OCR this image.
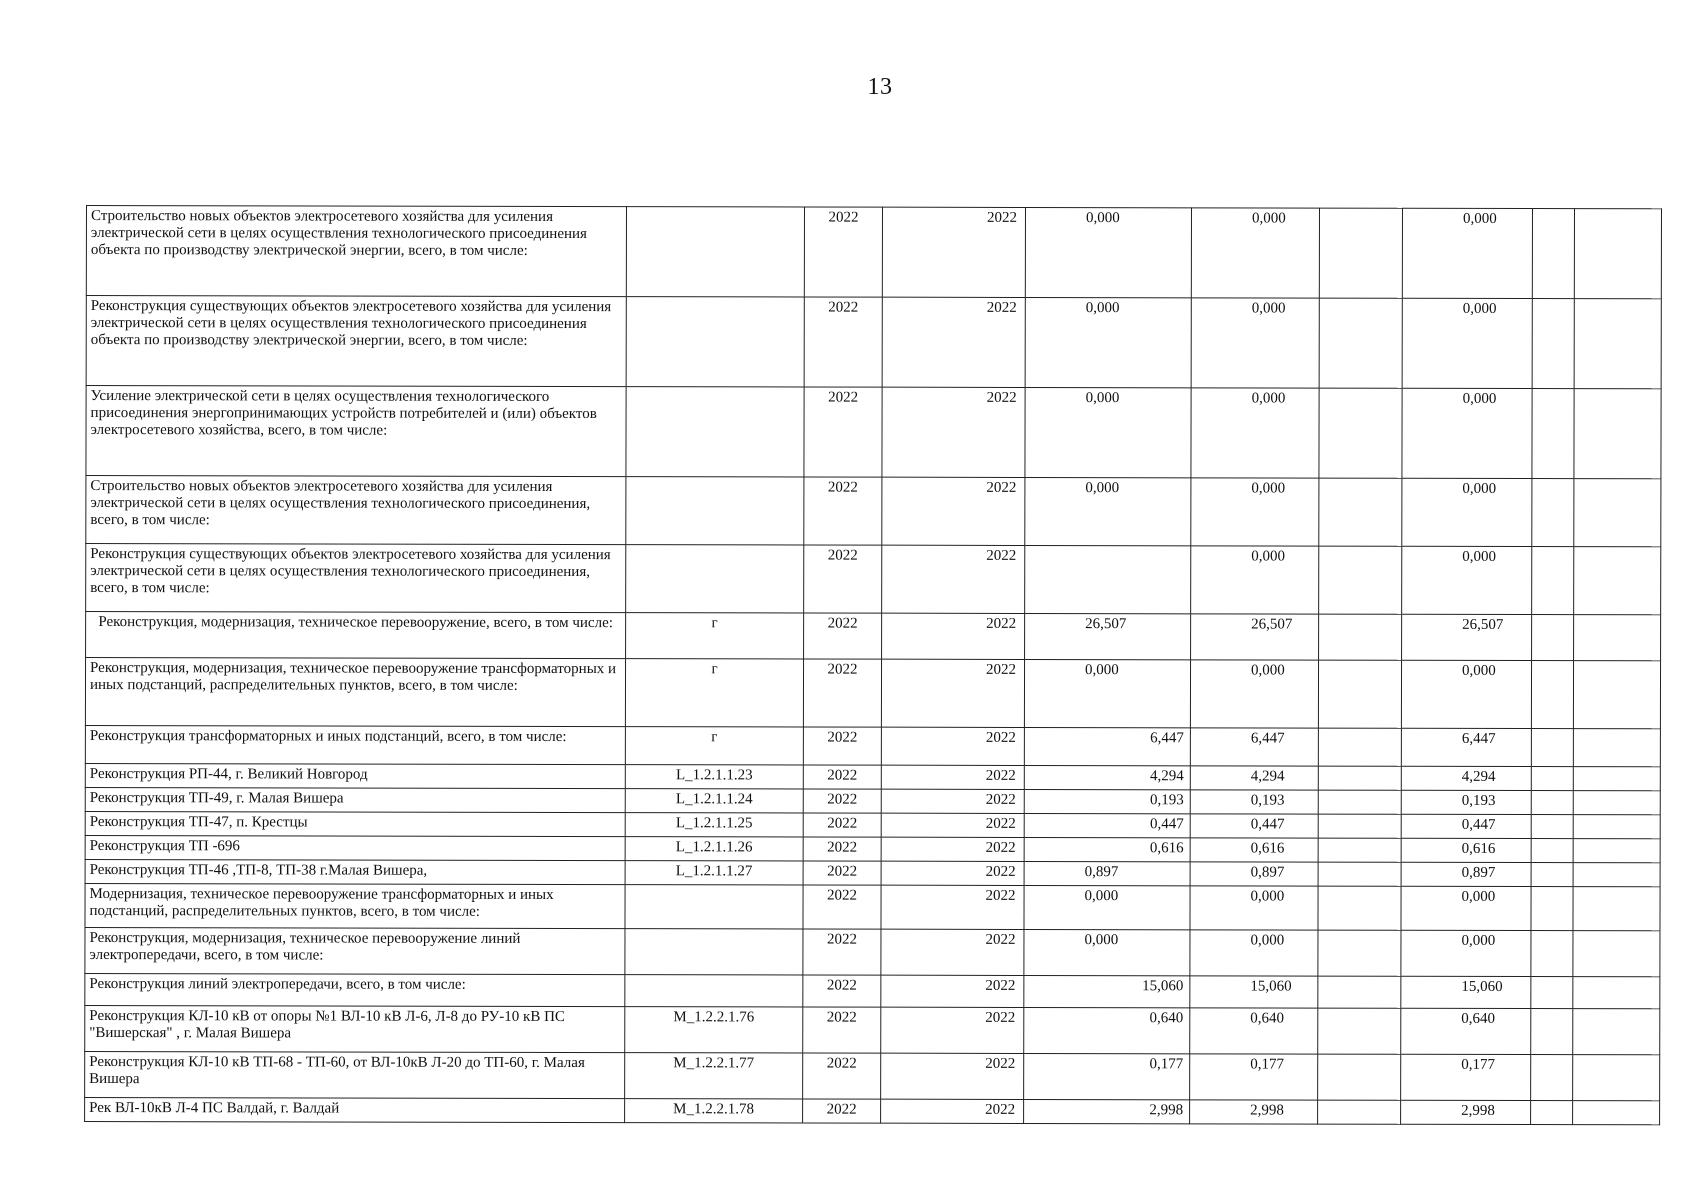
13
Строительство новых объектов электросетевого хозяйства для усиления электрической сети в целях осуществления технологического присоединения объекта по производству электрической энергии, всего, в том числе:		2022	2022	0,000	0,000		0,000		
Реконструкция существующих объектов электросетевого хозяйства для усиления электрической сети в целях осуществления технологического присоединения объекта по производству электрической энергии, всего, в том числе:		2022	2022	0,000	0,000		0,000		
Усиление электрической сети в целях осуществления технологического присоединения энергопринимающих устройств потребителей и (или) объектов электросетевого хозяйства, всего, в том числе:		2022	2022	0,000	0,000		0,000		
Строительство новых объектов электросетевого хозяйства для усиления электрической сети в целях осуществления технологического присоединения, всего, в том числе:		2022	2022	0,000	0,000		0,000		
Реконструкция существующих объектов электросетевого хозяйства для усиления электрической сети в целях осуществления технологического присоединения, всего, в том числе:		2022	2022		0,000		0,000		
Реконструкция, модернизация, техническое перевооружение, всего, в том числе:	г	2022	2022	26,507	26,507		26,507		
Реконструкция, модернизация, техническое перевооружение трансформаторных и иных подстанций, распределительных пунктов, всего, в том числе:	г	2022	2022	0,000	0,000		0,000		
Реконструкция трансформаторных и иных подстанций, всего, в том числе:	г	2022	2022	6,447	6,447		6,447		
Реконструкция РП-44, г. Великий Новгород	L_1.2.1.1.23	2022	2022	4,294	4,294		4,294		
Реконструкция ТП-49, г. Малая Вишера	L_1.2.1.1.24	2022	2022	0,193	0,193		0,193		
Реконструкция ТП-47, п. Крестцы	L_1.2.1.1.25	2022	2022	0,447	0,447		0,447		
Реконструкция ТП -696	L_1.2.1.1.26	2022	2022	0,616	0,616		0,616		
Реконструкция ТП-46 ,ТП-8, ТП-38 г.Малая Вишера,	L_1.2.1.1.27	2022	2022	0,897	0,897		0,897		
Модернизация, техническое перевооружение трансформаторных и иных подстанций, распределительных пунктов, всего, в том числе:		2022	2022	0,000	0,000		0,000		
Реконструкция, модернизация, техническое перевооружение линий электропередачи, всего, в том числе:		2022	2022	0,000	0,000		0,000		
Реконструкция линий электропередачи, всего, в том числе:		2022	2022	15,060	15,060		15,060		
Реконструкция КЛ-10 кВ от опоры №1 ВЛ-10 кВ Л-6, Л-8 до РУ-10 кВ ПС "Вишерская" , г. Малая Вишера	M_1.2.2.1.76	2022	2022	0,640	0,640		0,640		
Реконструкция КЛ-10 кВ ТП-68 - ТП-60, от ВЛ-10кВ Л-20 до ТП-60, г. Малая Вишера	M_1.2.2.1.77	2022	2022	0,177	0,177		0,177		
Рек ВЛ-10кВ Л-4 ПС Валдай, г. Валдай	M_1.2.2.1.78	2022	2022	2,998	2,998		2,998		
